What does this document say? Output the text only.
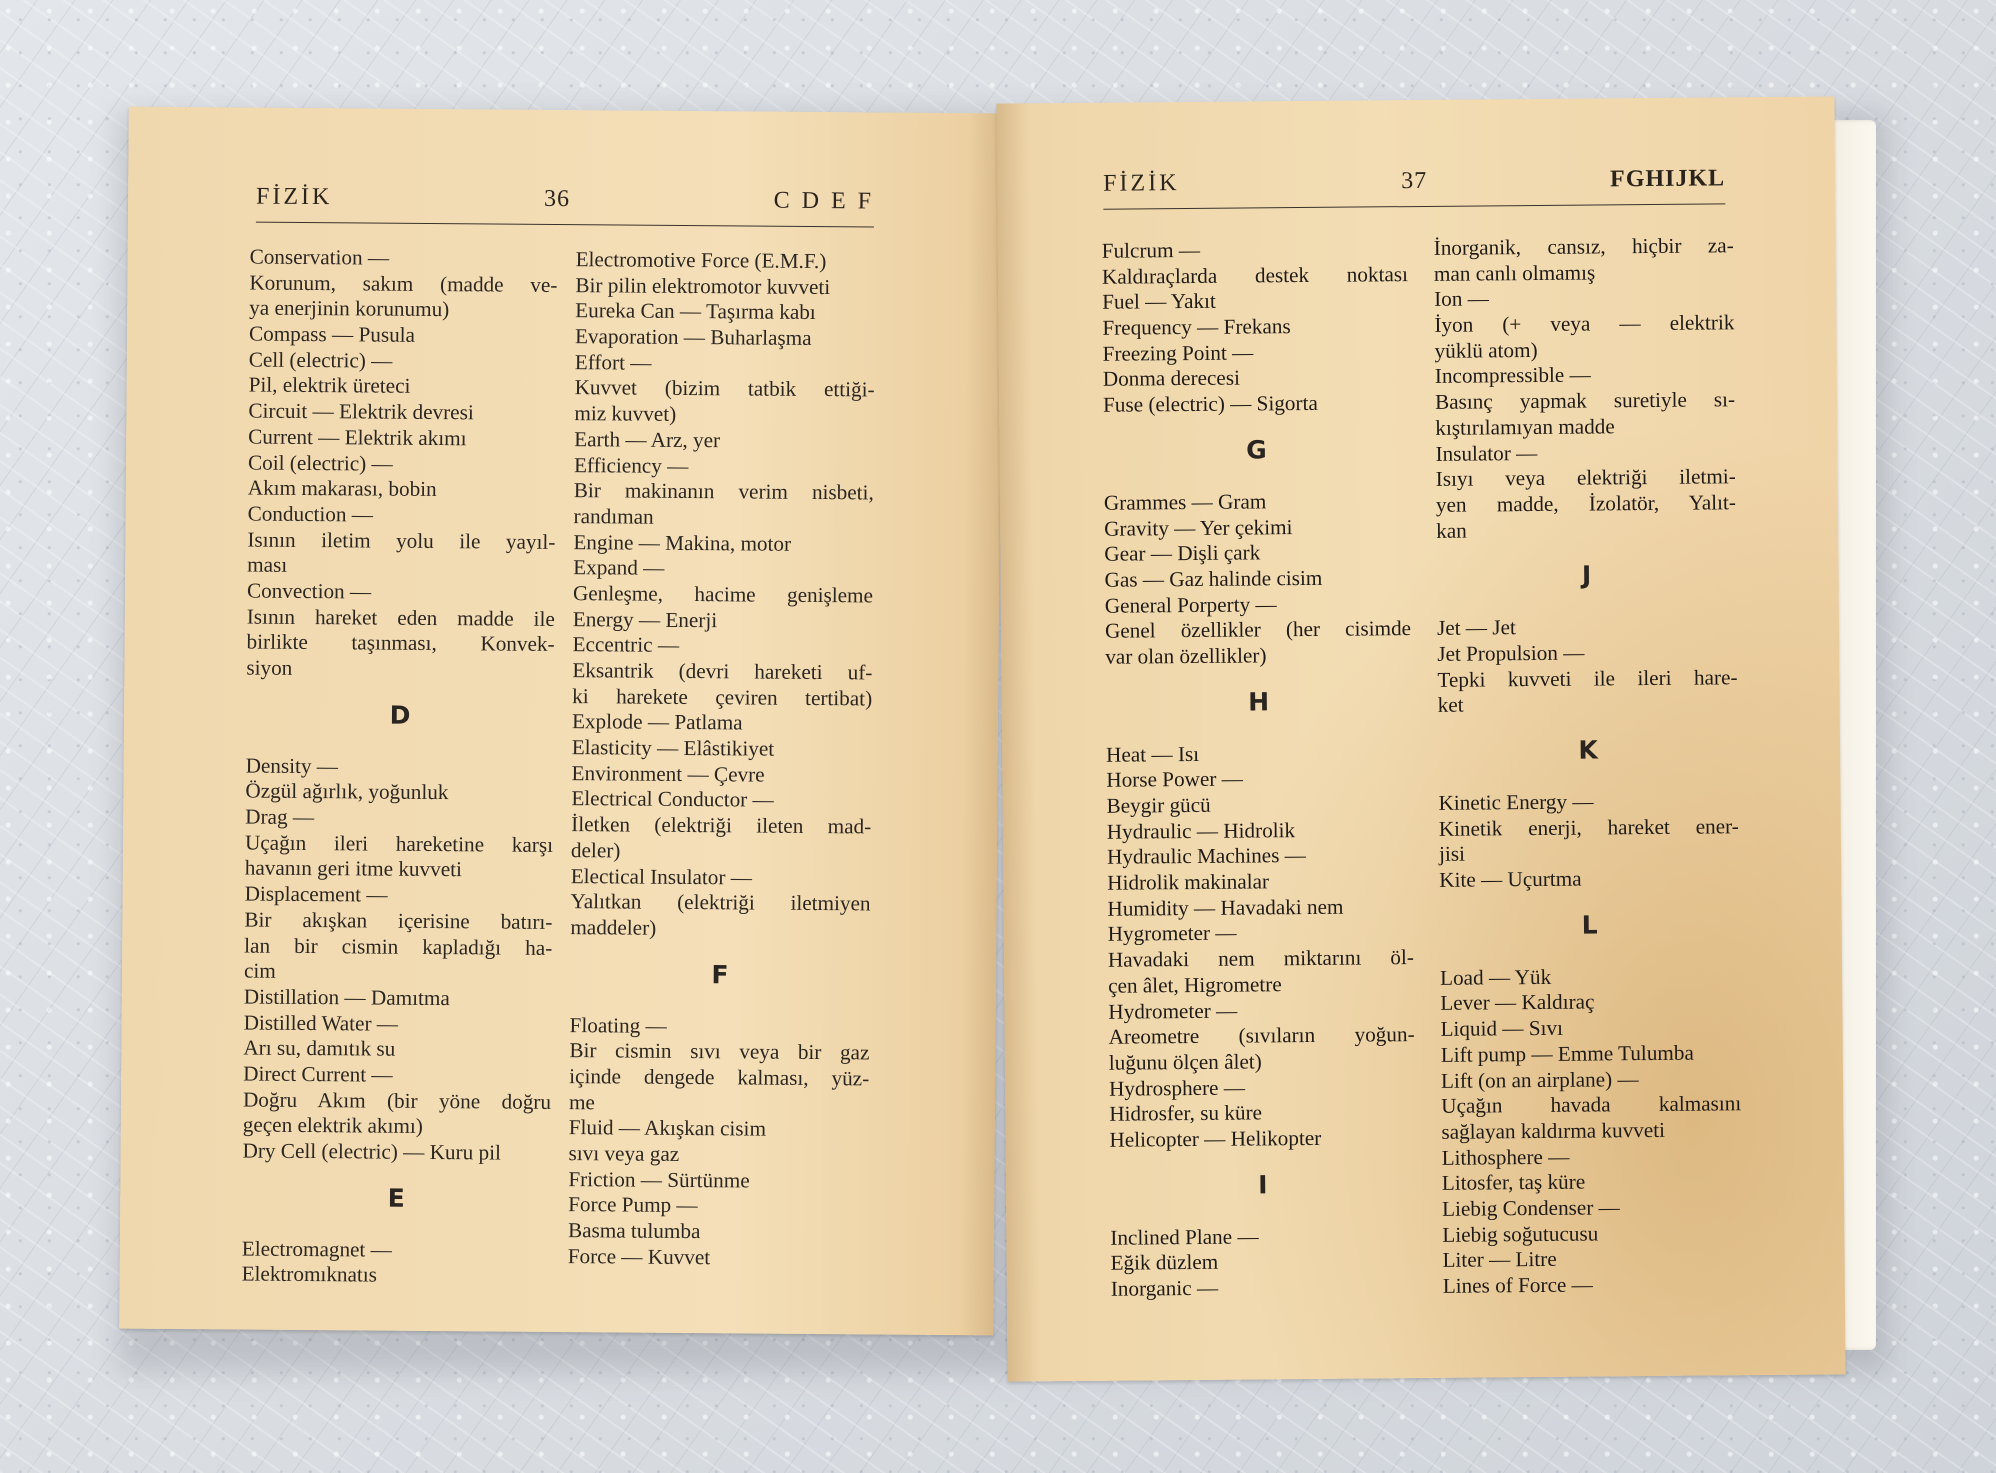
FİZİK	36	C D E F
Conservation —
Korunum, sakım (madde ve-
ya enerjinin korunumu)
Compass — Pusula
Cell (electric) —
Pil, elektrik üreteci
Circuit — Elektrik devresi
Current — Elektrik akımı
Coil (electric) —
Akım makarası, bobin
Conduction —
Isının iletim yolu ile yayıl-
ması
Convection —
Isının hareket eden madde ile
birlikte taşınması, Konvek-
siyon
D
Density —
Özgül ağırlık, yoğunluk
Drag —
Uçağın ileri hareketine karşı
havanın geri itme kuvveti
Displacement —
Bir akışkan içerisine batırı-
lan bir cismin kapladığı ha-
cim
Distillation — Damıtma
Distilled Water —
Arı su, damıtık su
Direct Current —
Doğru Akım (bir yöne doğru
geçen elektrik akımı)
Dry Cell (electric) — Kuru pil
E
Electromagnet —
Elektromıknatıs
Electromotive Force (E.M.F.)
Bir pilin elektromotor kuvveti
Eureka Can — Taşırma kabı
Evaporation — Buharlaşma
Effort —
Kuvvet (bizim tatbik ettiği-
miz kuvvet)
Earth — Arz, yer
Efficiency —
Bir makinanın verim nisbeti,
randıman
Engine — Makina, motor
Expand —
Genleşme, hacime genişleme
Energy — Enerji
Eccentric —
Eksantrik (devri hareketi uf-
ki harekete çeviren tertibat)
Explode — Patlama
Elasticity — Elâstikiyet
Environment — Çevre
Electrical Conductor —
İletken (elektriği ileten mad-
deler)
Electical Insulator —
Yalıtkan (elektriği iletmiyen
maddeler)
F
Floating —
Bir cismin sıvı veya bir gaz
içinde dengede kalması, yüz-
me
Fluid — Akışkan cisim
sıvı veya gaz
Friction — Sürtünme
Force Pump —
Basma tulumba
Force — Kuvvet
FİZİK	37	FGHIJKL
Fulcrum —
Kaldıraçlarda destek noktası
Fuel — Yakıt
Frequency — Frekans
Freezing Point —
Donma derecesi
Fuse (electric) — Sigorta
G
Grammes — Gram
Gravity — Yer çekimi
Gear — Dişli çark
Gas — Gaz halinde cisim
General Porperty —
Genel özellikler (her cisimde
var olan özellikler)
H
Heat — Isı
Horse Power —
Beygir gücü
Hydraulic — Hidrolik
Hydraulic Machines —
Hidrolik makinalar
Humidity — Havadaki nem
Hygrometer —
Havadaki nem miktarını öl-
çen âlet, Higrometre
Hydrometer —
Areometre (sıvıların yoğun-
luğunu ölçen âlet)
Hydrosphere —
Hidrosfer, su küre
Helicopter — Helikopter
I
Inclined Plane —
Eğik düzlem
Inorganic —
İnorganik, cansız, hiçbir za-
man canlı olmamış
Ion —
İyon (+ veya — elektrik
yüklü atom)
Incompressible —
Basınç yapmak suretiyle sı-
kıştırılamıyan madde
Insulator —
Isıyı veya elektriği iletmi-
yen madde, İzolatör, Yalıt-
kan
J
Jet — Jet
Jet Propulsion —
Tepki kuvveti ile ileri hare-
ket
K
Kinetic Energy —
Kinetik enerji, hareket ener-
jisi
Kite — Uçurtma
L
Load — Yük
Lever — Kaldıraç
Liquid — Sıvı
Lift pump — Emme Tulumba
Lift (on an airplane) —
Uçağın havada kalmasını
sağlayan kaldırma kuvveti
Lithosphere —
Litosfer, taş küre
Liebig Condenser —
Liebig soğutucusu
Liter — Litre
Lines of Force —
